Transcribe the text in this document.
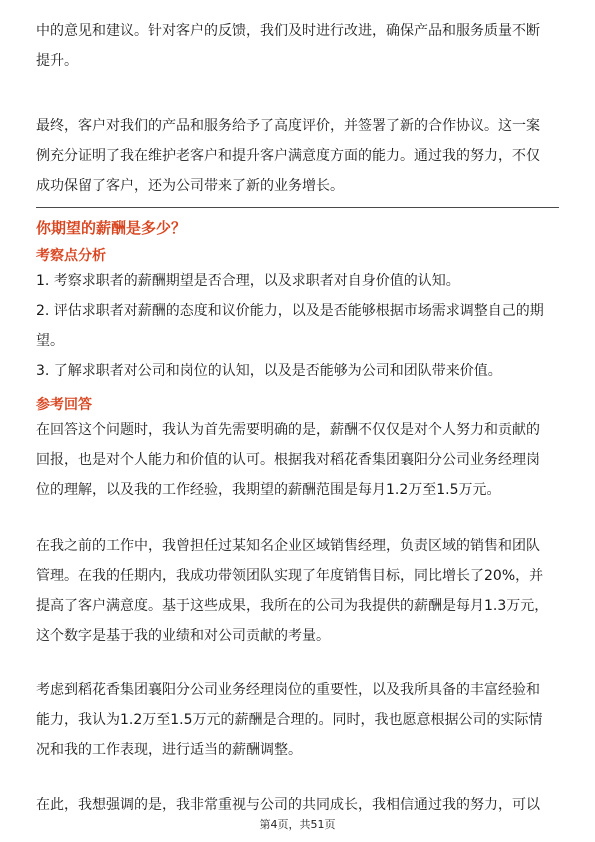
中的意见和建议。针对客户的反馈，我们及时进行改进，确保产品和服务质量不断

提升。

最终，客户对我们的产品和服务给予了高度评价，并签署了新的合作协议。这一案

例充分证明了我在维护老客户和提升客户满意度方面的能力。通过我的努力，不仅

成功保留了客户，还为公司带来了新的业务增长。

你期望的薪酬是多少？
考察点分析

1. 考察求职者的薪酬期望是否合理，以及求职者对自身价值的认知。

2. 评估求职者对薪酬的态度和议价能力，以及是否能够根据市场需求调整自己的期

望。

3. 了解求职者对公司和岗位的认知，以及是否能够为公司和团队带来价值。

参考回答

在回答这个问题时，我认为首先需要明确的是，薪酬不仅仅是对个人努力和贡献的

回报，也是对个人能力和价值的认可。根据我对稻花香集团襄阳分公司业务经理岗

位的理解，以及我的工作经验，我期望的薪酬范围是每月1.2万至1.5万元。

在我之前的工作中，我曾担任过某知名企业区域销售经理，负责区域的销售和团队

管理。在我的任期内，我成功带领团队实现了年度销售目标，同比增长了20%，并

提高了客户满意度。基于这些成果，我所在的公司为我提供的薪酬是每月1.3万元，

这个数字是基于我的业绩和对公司贡献的考量。

考虑到稻花香集团襄阳分公司业务经理岗位的重要性，以及我所具备的丰富经验和

能力，我认为1.2万至1.5万元的薪酬是合理的。同时，我也愿意根据公司的实际情

况和我的工作表现，进行适当的薪酬调整。

在此，我想强调的是，我非常重视与公司的共同成长，我相信通过我的努力，可以

第4页，共51页
